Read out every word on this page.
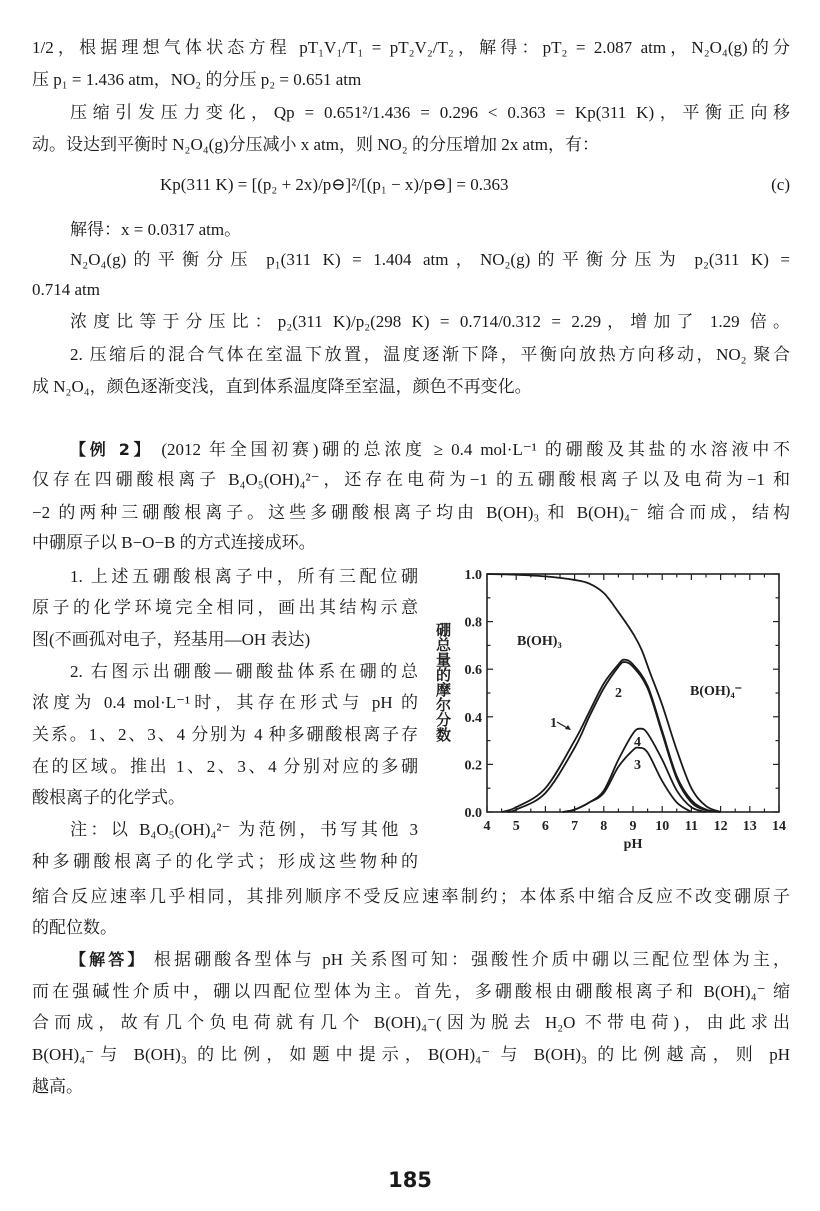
1/2，根据理想气体状态方程 pT₁V₁/T₁ = pT₂V₂/T₂，解得：pT₂ = 2.087 atm，N₂O₄(g)的分
压 p₁ = 1.436 atm，NO₂ 的分压 p₂ = 0.651 atm
压缩引发压力变化，Qp = 0.651²/1.436 = 0.296 < 0.363 = Kp(311 K)，平衡正向移
动。设达到平衡时 N₂O₄(g)分压减小 x atm，则 NO₂ 的分压增加 2x atm，有：
解得：x = 0.0317 atm。
N₂O₄(g)的平衡分压 p₁(311 K) = 1.404 atm，NO₂(g)的平衡分压为 p₂(311 K) =
0.714 atm
浓度比等于分压比：p₂(311 K)/p₂(298 K) = 0.714/0.312 = 2.29，增加了 1.29 倍。
2. 压缩后的混合气体在室温下放置，温度逐渐下降，平衡向放热方向移动，NO₂ 聚合
成 N₂O₄，颜色逐渐变浅，直到体系温度降至室温，颜色不再变化。
【例 2】 (2012 年全国初赛)硼的总浓度 ≥ 0.4 mol·L⁻¹ 的硼酸及其盐的水溶液中不
仅存在四硼酸根离子 B₄O₅(OH)₄²⁻，还存在电荷为−1 的五硼酸根离子以及电荷为−1 和
−2 的两种三硼酸根离子。这些多硼酸根离子均由 B(OH)₃ 和 B(OH)₄⁻ 缩合而成，结构
中硼原子以 B−O−B 的方式连接成环。
1. 上述五硼酸根离子中，所有三配位硼
原子的化学环境完全相同，画出其结构示意
图(不画孤对电子，羟基用—OH 表达)
2. 右图示出硼酸—硼酸盐体系在硼的总
浓度为 0.4 mol·L⁻¹时，其存在形式与 pH 的
关系。1、2、3、4 分别为 4 种多硼酸根离子存
在的区域。推出 1、2、3、4 分别对应的多硼
酸根离子的化学式。
注：以 B₄O₅(OH)₄²⁻ 为范例，书写其他 3
种多硼酸根离子的化学式；形成这些物种的
缩合反应速率几乎相同，其排列顺序不受反应速率制约；本体系中缩合反应不改变硼原子
的配位数。
【解答】 根据硼酸各型体与 pH 关系图可知：强酸性介质中硼以三配位型体为主，
而在强碱性介质中，硼以四配位型体为主。首先，多硼酸根由硼酸根离子和 B(OH)₄⁻ 缩
合而成，故有几个负电荷就有几个 B(OH)₄⁻(因为脱去 H₂O 不带电荷)，由此求出
B(OH)₄⁻与 B(OH)₃ 的比例，如题中提示，B(OH)₄⁻ 与 B(OH)₃ 的比例越高，则 pH
越高。
Kp(311 K) = [(p₂ + 2x)/p⊖]²/[(p₁ − x)/p⊖] = 0.363	(c)
硼总量的摩尔分数
4 5 6 7 8 9 10 11 12 13 14
0.0
0.2
0.4
0.6
0.8
1.0
pH
B(OH)₃
B(OH)₄⁻
1
2
4
3
185
